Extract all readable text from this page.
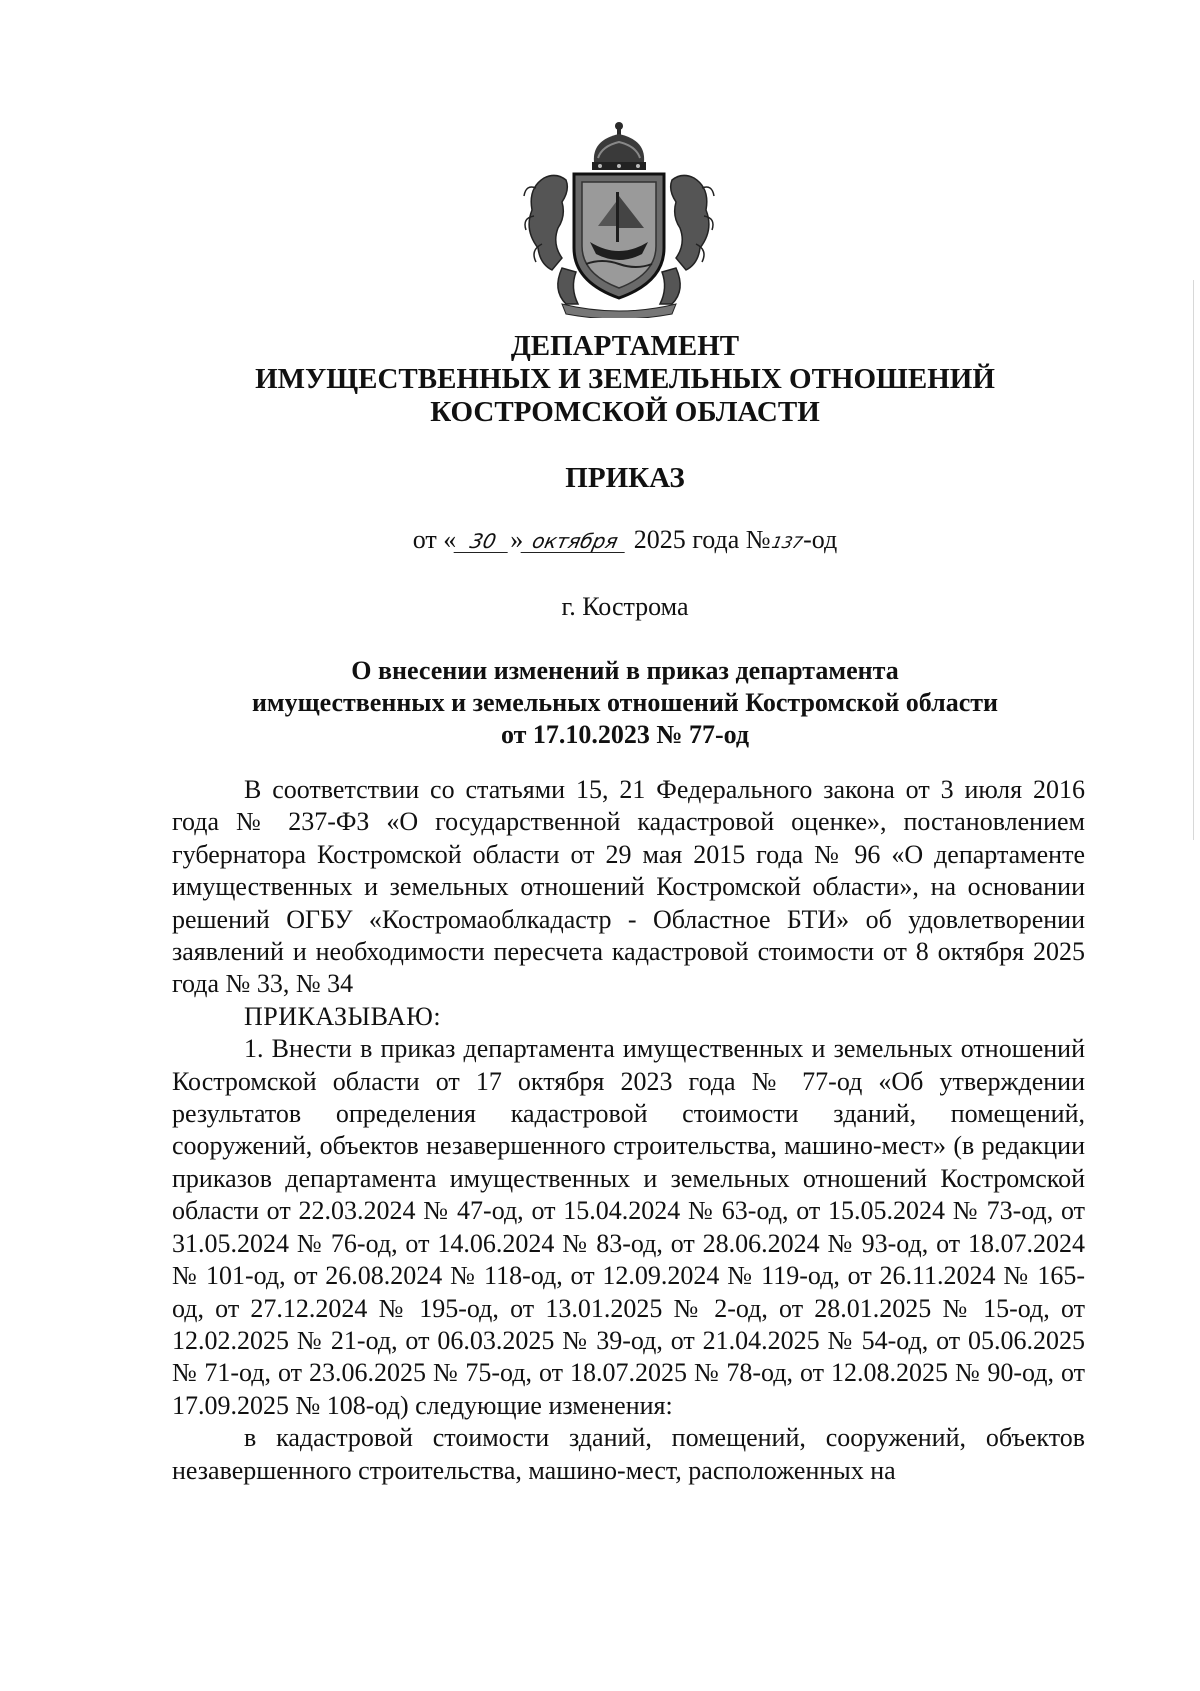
ДЕПАРТАМЕНТ
ИМУЩЕСТВЕННЫХ И ЗЕМЕЛЬНЫХ ОТНОШЕНИЙ
КОСТРОМСКОЙ ОБЛАСТИ
ПРИКАЗ
от « 30 » октября 2025 года №137-од
г. Кострома
О внесении изменений в приказ департамента
имущественных и земельных отношений Костромской области
от 17.10.2023 № 77-од

В соответствии со статьями 15, 21 Федерального закона от 3 июля 2016 года № 237-ФЗ «О государственной кадастровой оценке», постановлением губернатора Костромской области от 29 мая 2015 года № 96 «О департаменте имущественных и земельных отношений Костромской области», на основании решений ОГБУ «Костромаоблкадастр - Областное БТИ» об удовлетворении заявлений и необходимости пересчета кадастровой стоимости от 8 октября 2025 года № 33, № 34

ПРИКАЗЫВАЮ:

1. Внести в приказ департамента имущественных и земельных отношений Костромской области от 17 октября 2023 года № 77-од «Об утверждении результатов определения кадастровой стоимости зданий, помещений, сооружений, объектов незавершенного строительства, машино-мест» (в редакции приказов департамента имущественных и земельных отношений Костромской области от 22.03.2024 № 47-од, от 15.04.2024 № 63-од, от 15.05.2024 № 73-од, от 31.05.2024 № 76-од, от 14.06.2024 № 83-од, от 28.06.2024 № 93-од, от 18.07.2024 № 101-од, от 26.08.2024 № 118-од, от 12.09.2024 № 119-од, от 26.11.2024 № 165-од, от 27.12.2024 № 195-од, от 13.01.2025 № 2-од, от 28.01.2025 № 15-од, от 12.02.2025 № 21-од, от 06.03.2025 № 39-од, от 21.04.2025 № 54-од, от 05.06.2025 № 71-од, от 23.06.2025 № 75-од, от 18.07.2025 № 78-од, от 12.08.2025 № 90-од, от 17.09.2025 № 108-од) следующие изменения:

в кадастровой стоимости зданий, помещений, сооружений, объектов незавершенного строительства, машино-мест, расположенных на
